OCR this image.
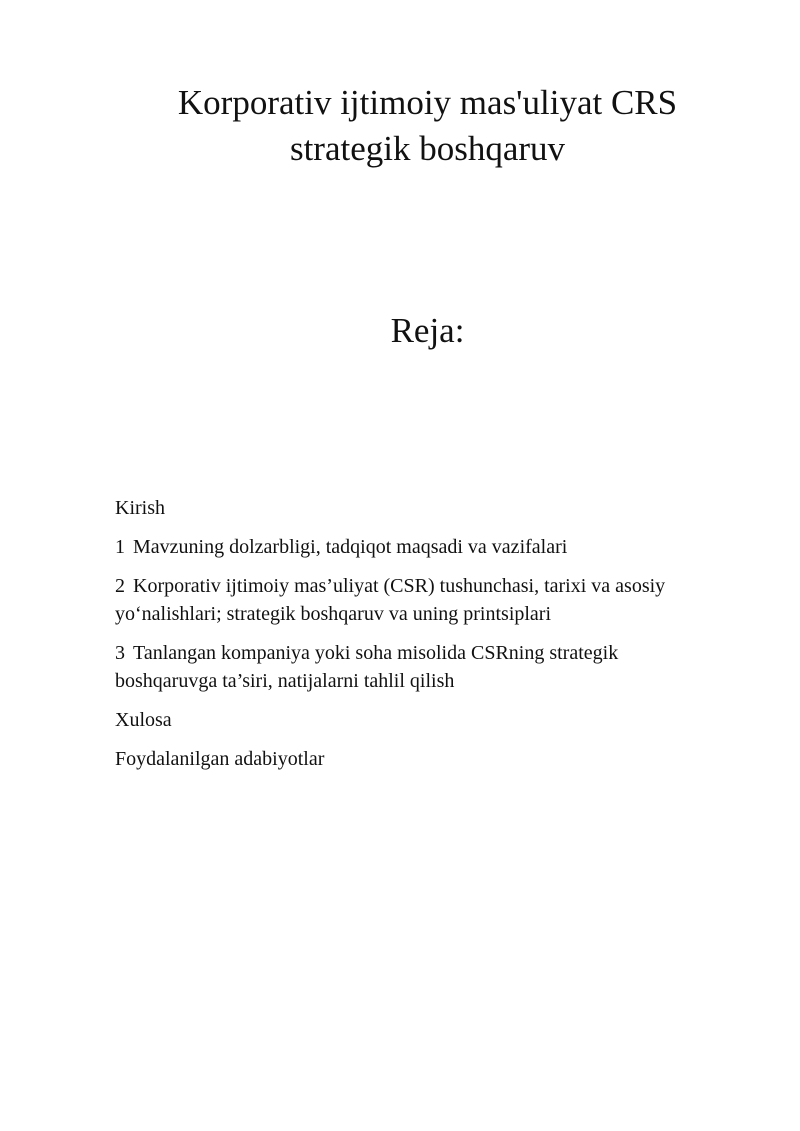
Korporativ ijtimoiy mas'uliyat CRS
strategik boshqaruv
Reja:
Kirish
1 Mavzuning dolzarbligi, tadqiqot maqsadi va vazifalari
2 Korporativ ijtimoiy mas’uliyat (CSR) tushunchasi, tarixi va asosiy yo‘nalishlari; strategik boshqaruv va uning printsiplari
3 Tanlangan kompaniya yoki soha misolida CSRning strategik boshqaruvga ta’siri, natijalarni tahlil qilish
Xulosa
Foydalanilgan adabiyotlar
